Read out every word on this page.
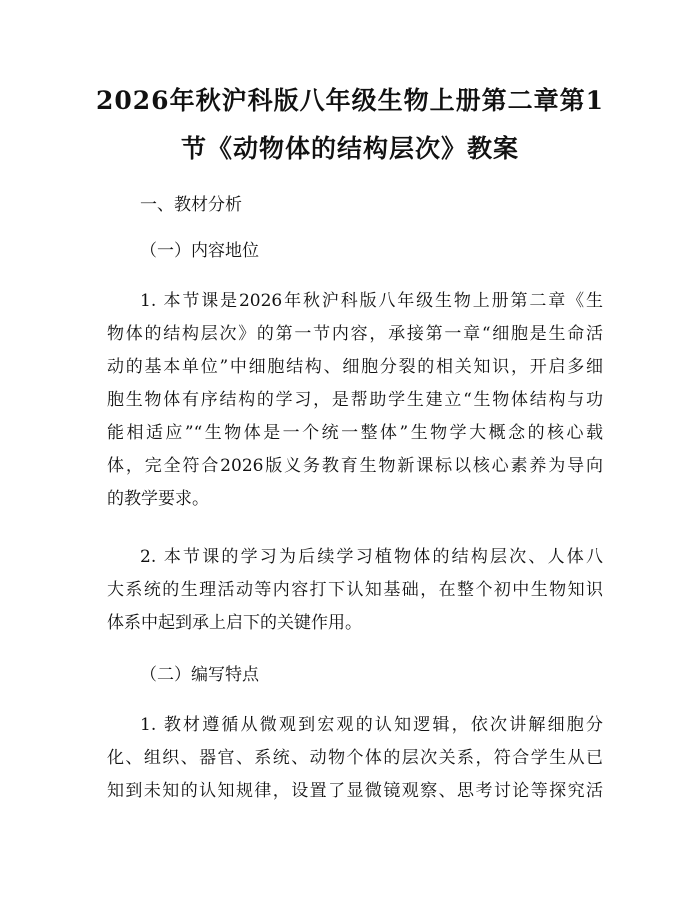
2026年秋沪科版八年级生物上册第二章第1
节《动物体的结构层次》教案

一、教材分析

（一）内容地位

1. 本节课是2026年秋沪科版八年级生物上册第二章《生

物体的结构层次》的第一节内容，承接第一章“细胞是生命活

动的基本单位”中细胞结构、细胞分裂的相关知识，开启多细

胞生物体有序结构的学习，是帮助学生建立“生物体结构与功

能相适应”“生物体是一个统一整体”生物学大概念的核心载

体，完全符合2026版义务教育生物新课标以核心素养为导向

的教学要求。

2. 本节课的学习为后续学习植物体的结构层次、人体八

大系统的生理活动等内容打下认知基础，在整个初中生物知识

体系中起到承上启下的关键作用。

（二）编写特点

1. 教材遵循从微观到宏观的认知逻辑，依次讲解细胞分

化、组织、器官、系统、动物个体的层次关系，符合学生从已

知到未知的认知规律，设置了显微镜观察、思考讨论等探究活
